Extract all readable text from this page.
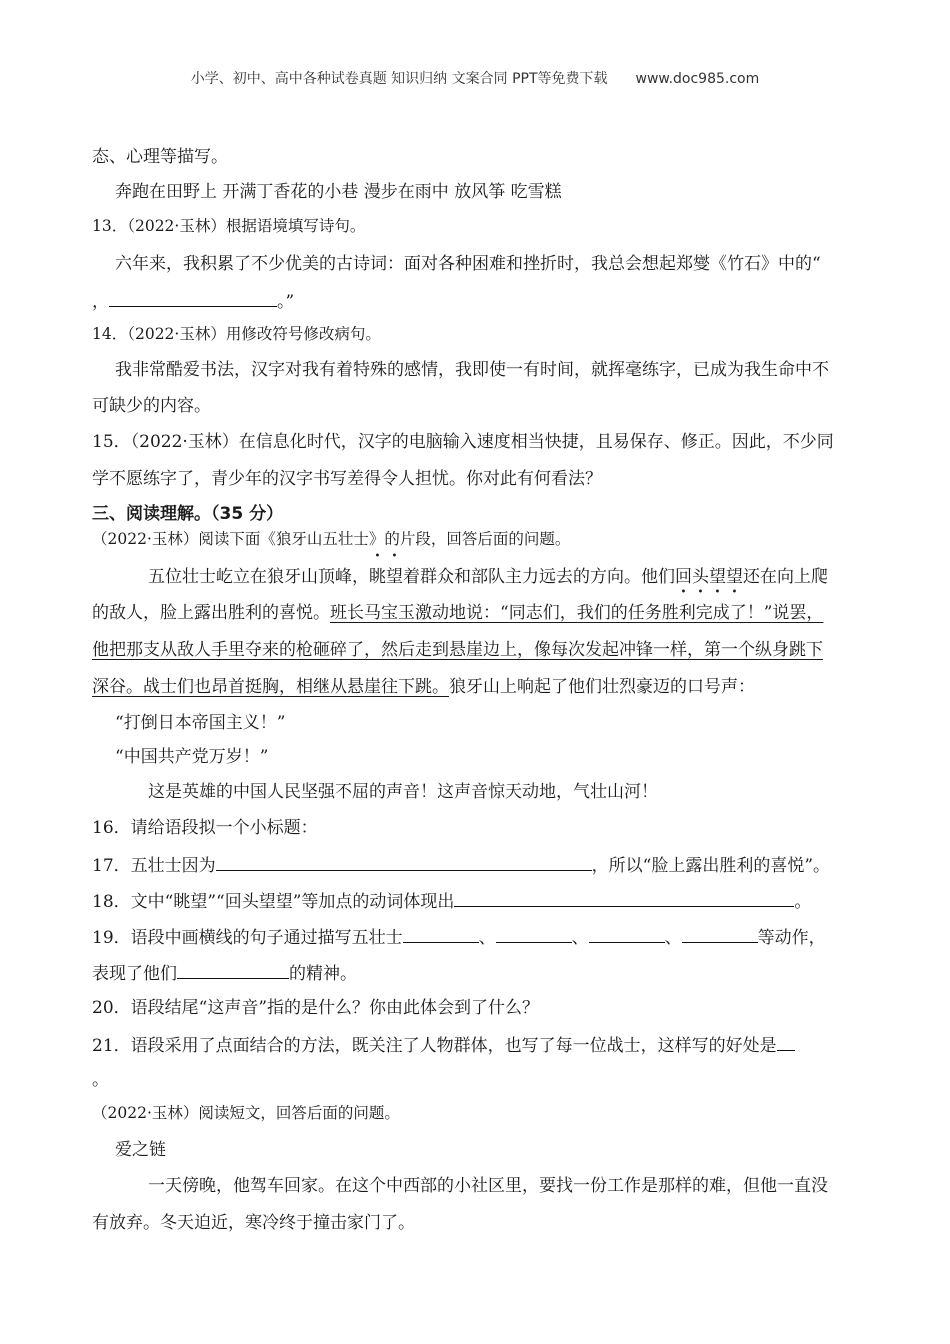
小学、初中、高中各种试卷真题 知识归纳 文案合同 PPT等免费下载 www.doc985.com
态、心理等描写。
奔跑在田野上 开满丁香花的小巷 漫步在雨中 放风筝 吃雪糕
13．（2022·玉林）根据语境填写诗句。
六年来，我积累了不少优美的古诗词：面对各种困难和挫折时，我总会想起郑燮《竹石》中的“
，	。”
14．（2022·玉林）用修改符号修改病句。
我非常酷爱书法，汉字对我有着特殊的感情，我即使一有时间，就挥毫练字，已成为我生命中不
可缺少的内容。
15．（2022·玉林）在信息化时代，汉字的电脑输入速度相当快捷，且易保存、修正。因此，不少同
学不愿练字了，青少年的汉字书写差得令人担忧。你对此有何看法？
三、阅读理解。（35 分）
（2022·玉林）阅读下面《狼牙山五壮士》的片段，回答后面的问题。
五位壮士屹立在狼牙山顶峰，眺望着群众和部队主力远去的方向。他们回头望望还在向上爬
的敌人，脸上露出胜利的喜悦。班长马宝玉激动地说：“同志们，我们的任务胜利完成了！”说罢，
他把那支从敌人手里夺来的枪砸碎了，然后走到悬崖边上，像每次发起冲锋一样，第一个纵身跳下
深谷。战士们也昂首挺胸，相继从悬崖往下跳。狼牙山上响起了他们壮烈豪迈的口号声：
“打倒日本帝国主义！”
“中国共产党万岁！”
这是英雄的中国人民坚强不屈的声音！这声音惊天动地，气壮山河！
16．请给语段拟一个小标题：
17．五壮士因为	，所以“脸上露出胜利的喜悦”。
18．文中“眺望”“回头望望”等加点的动词体现出	。
19．语段中画横线的句子通过描写五壮士	、	、	、	等动作，
表现了他们	的精神。
20．语段结尾“这声音”指的是什么？你由此体会到了什么？
21．语段采用了点面结合的方法，既关注了人物群体，也写了每一位战士，这样写的好处是
。
（2022·玉林）阅读短文，回答后面的问题。
爱之链
一天傍晚，他驾车回家。在这个中西部的小社区里，要找一份工作是那样的难，但他一直没
有放弃。冬天迫近，寒冷终于撞击家门了。
